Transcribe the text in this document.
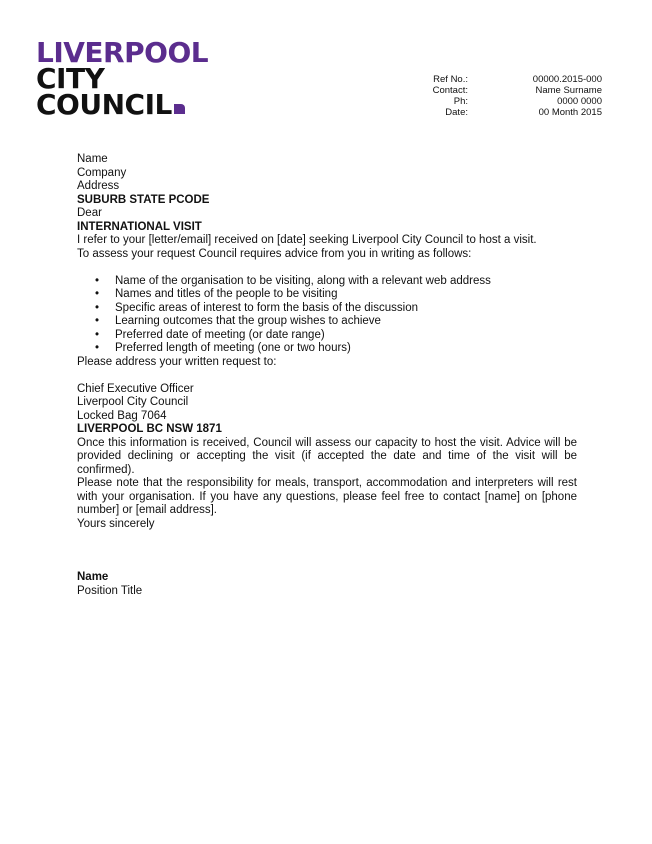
LIVERPOOL
CITY
COUNCIL
Ref No.:	00000.2015-000
Contact:	Name Surname
Ph:	0000 0000
Date:	00 Month 2015

Name

Company

Address

SUBURB STATE PCODE

Dear

INTERNATIONAL VISIT

I refer to your [letter/email] received on [date] seeking Liverpool City Council to host a visit.

To assess your request Council requires advice from you in writing as follows:

• Name of the organisation to be visiting, along with a relevant web address
• Names and titles of the people to be visiting
• Specific areas of interest to form the basis of the discussion
• Learning outcomes that the group wishes to achieve
• Preferred date of meeting (or date range)
• Preferred length of meeting (one or two hours)

Please address your written request to:

Chief Executive Officer

Liverpool City Council

Locked Bag 7064

LIVERPOOL BC NSW 1871

Once this information is received, Council will assess our capacity to host the visit. Advice will be provided declining or accepting the visit (if accepted the date and time of the visit will be confirmed).

Please note that the responsibility for meals, transport, accommodation and interpreters will rest with your organisation. If you have any questions, please feel free to contact [name] on [phone number] or [email address].

Yours sincerely

Name

Position Title
